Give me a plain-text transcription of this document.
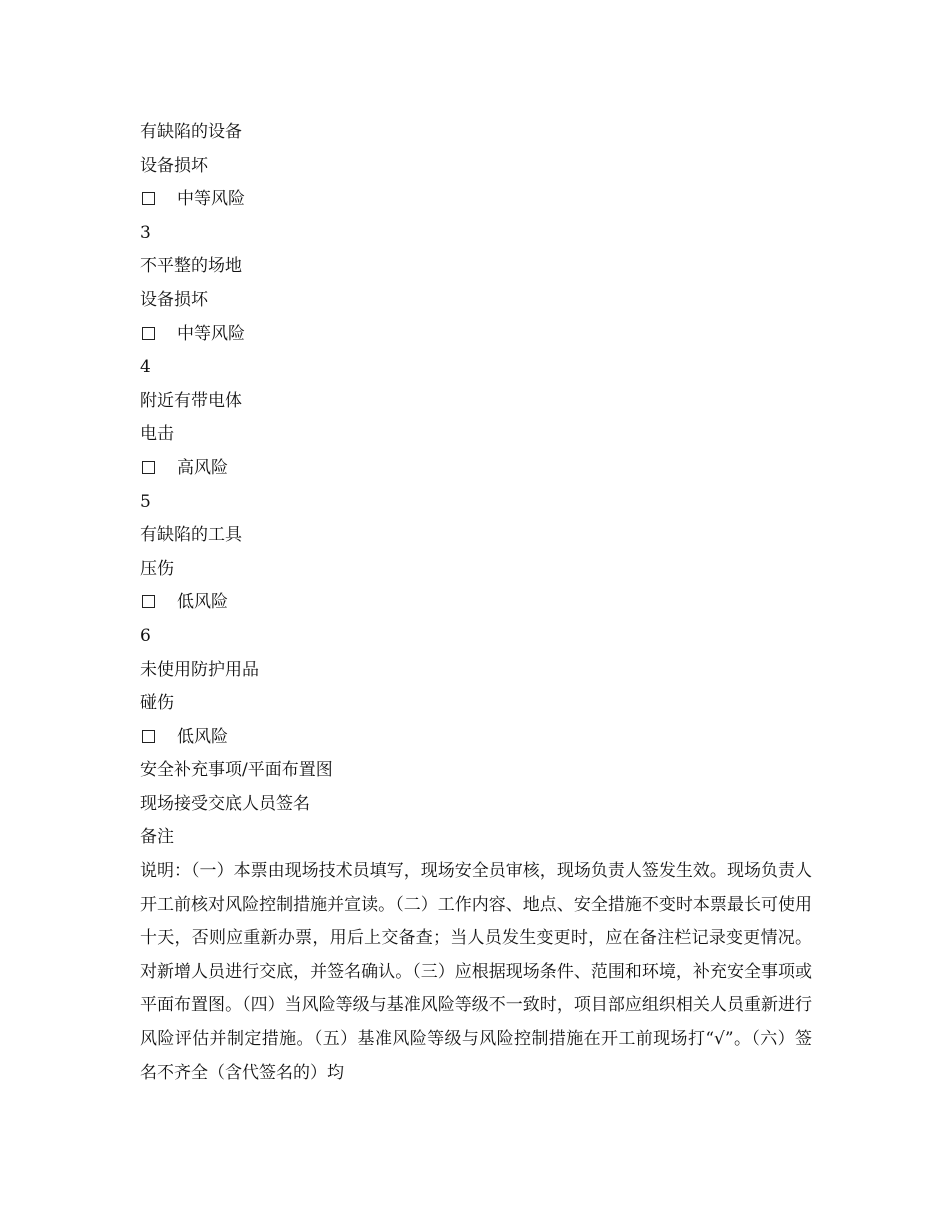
有缺陷的设备
设备损坏
中等风险
3
不平整的场地
设备损坏
中等风险
4
附近有带电体
电击
高风险
5
有缺陷的工具
压伤
低风险
6
未使用防护用品
碰伤
低风险
安全补充事项/平面布置图
现场接受交底人员签名
备注
说明：（一）本票由现场技术员填写，现场安全员审核，现场负责人签发生效。现场负责人开工前核对风险控制措施并宣读。（二）工作内容、地点、安全措施不变时本票最长可使用十天，否则应重新办票，用后上交备查；当人员发生变更时，应在备注栏记录变更情况。对新增人员进行交底，并签名确认。（三）应根据现场条件、范围和环境，补充安全事项或平面布置图。（四）当风险等级与基准风险等级不一致时，项目部应组织相关人员重新进行风险评估并制定措施。（五）基准风险等级与风险控制措施在开工前现场打“√”。（六）签名不齐全（含代签名的）均
